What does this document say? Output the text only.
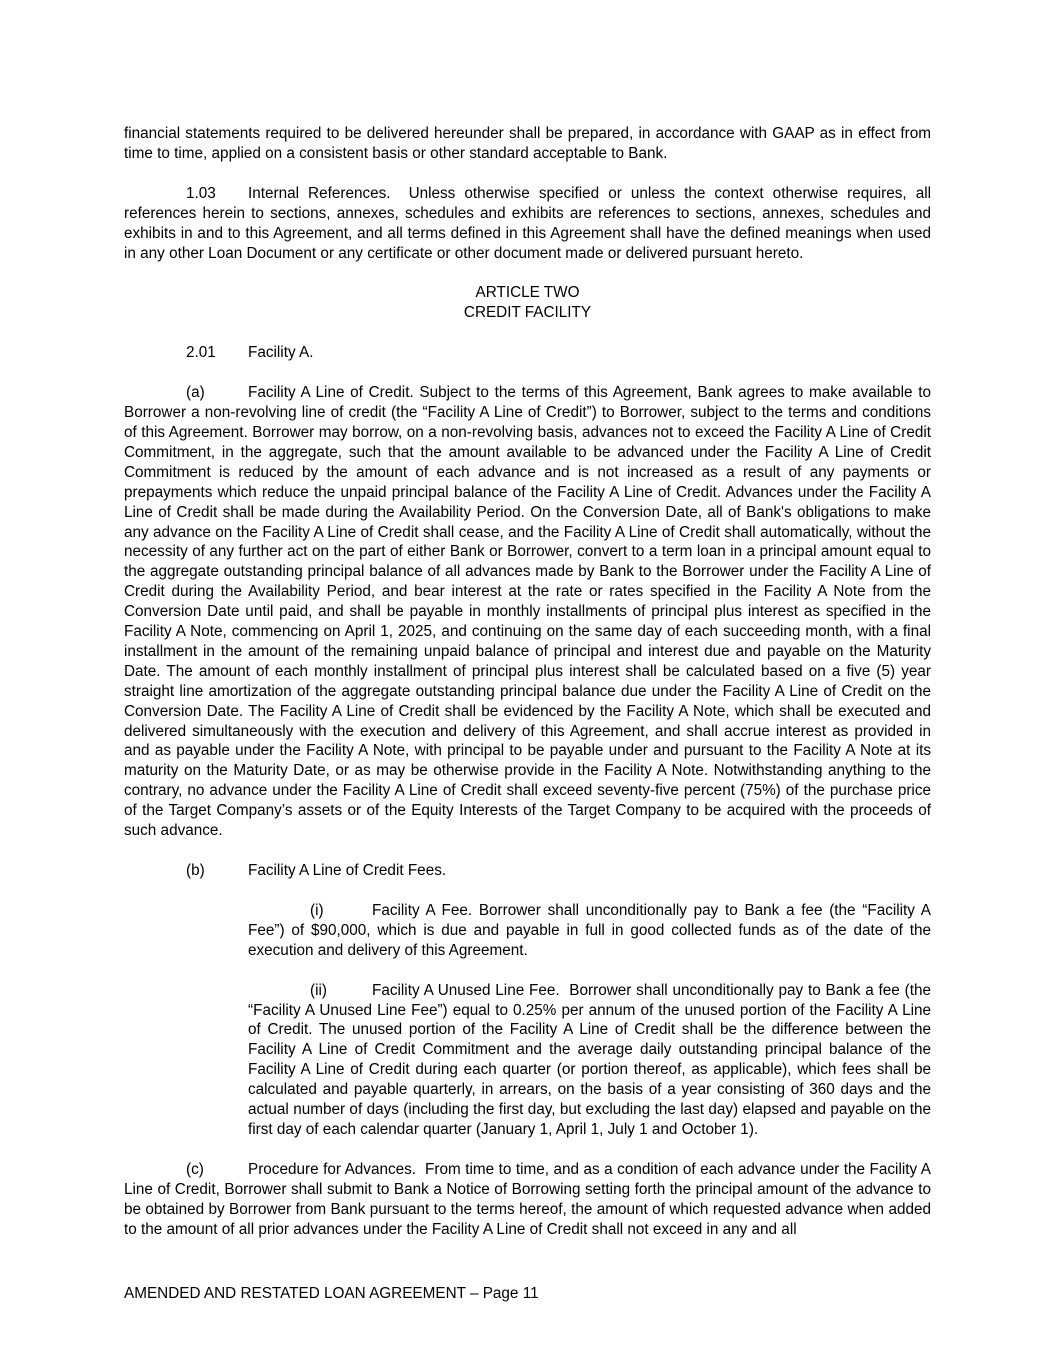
financial statements required to be delivered hereunder shall be prepared, in accordance with GAAP as in effect from time to time, applied on a consistent basis or other standard acceptable to Bank.

1.03 Internal References. Unless otherwise specified or unless the context otherwise requires, all references herein to sections, annexes, schedules and exhibits are references to sections, annexes, schedules and exhibits in and to this Agreement, and all terms defined in this Agreement shall have the defined meanings when used in any other Loan Document or any certificate or other document made or delivered pursuant hereto.

ARTICLE TWO
CREDIT FACILITY

2.01 Facility A.

(a)	Facility A Line of Credit. Subject to the terms of this Agreement, Bank agrees to make available to Borrower a non-revolving line of credit (the “Facility A Line of Credit”) to Borrower, subject to the terms and conditions of this Agreement. Borrower may borrow, on a non-revolving basis, advances not to exceed the Facility A Line of Credit Commitment, in the aggregate, such that the amount available to be advanced under the Facility A Line of Credit Commitment is reduced by the amount of each advance and is not increased as a result of any payments or prepayments which reduce the unpaid principal balance of the Facility A Line of Credit. Advances under the Facility A Line of Credit shall be made during the Availability Period. On the Conversion Date, all of Bank's obligations to make any advance on the Facility A Line of Credit shall cease, and the Facility A Line of Credit shall automatically, without the necessity of any further act on the part of either Bank or Borrower, convert to a term loan in a principal amount equal to the aggregate outstanding principal balance of all advances made by Bank to the Borrower under the Facility A Line of Credit during the Availability Period, and bear interest at the rate or rates specified in the Facility A Note from the Conversion Date until paid, and shall be payable in monthly installments of principal plus interest as specified in the Facility A Note, commencing on April 1, 2025, and continuing on the same day of each succeeding month, with a final installment in the amount of the remaining unpaid balance of principal and interest due and payable on the Maturity Date. The amount of each monthly installment of principal plus interest shall be calculated based on a five (5) year straight line amortization of the aggregate outstanding principal balance due under the Facility A Line of Credit on the Conversion Date. The Facility A Line of Credit shall be evidenced by the Facility A Note, which shall be executed and delivered simultaneously with the execution and delivery of this Agreement, and shall accrue interest as provided in and as payable under the Facility A Note, with principal to be payable under and pursuant to the Facility A Note at its maturity on the Maturity Date, or as may be otherwise provide in the Facility A Note. Notwithstanding anything to the contrary, no advance under the Facility A Line of Credit shall exceed seventy-five percent (75%) of the purchase price of the Target Company’s assets or of the Equity Interests of the Target Company to be acquired with the proceeds of such advance.

(b)	Facility A Line of Credit Fees.

(i)	Facility A Fee. Borrower shall unconditionally pay to Bank a fee (the “Facility A Fee”) of $90,000, which is due and payable in full in good collected funds as of the date of the execution and delivery of this Agreement.

(ii)	Facility A Unused Line Fee. Borrower shall unconditionally pay to Bank a fee (the “Facility A Unused Line Fee”) equal to 0.25% per annum of the unused portion of the Facility A Line of Credit. The unused portion of the Facility A Line of Credit shall be the difference between the Facility A Line of Credit Commitment and the average daily outstanding principal balance of the Facility A Line of Credit during each quarter (or portion thereof, as applicable), which fees shall be calculated and payable quarterly, in arrears, on the basis of a year consisting of 360 days and the actual number of days (including the first day, but excluding the last day) elapsed and payable on the first day of each calendar quarter (January 1, April 1, July 1 and October 1).

(c)	Procedure for Advances. From time to time, and as a condition of each advance under the Facility A Line of Credit, Borrower shall submit to Bank a Notice of Borrowing setting forth the principal amount of the advance to be obtained by Borrower from Bank pursuant to the terms hereof, the amount of which requested advance when added to the amount of all prior advances under the Facility A Line of Credit shall not exceed in any and all

AMENDED AND RESTATED LOAN AGREEMENT – Page 11
